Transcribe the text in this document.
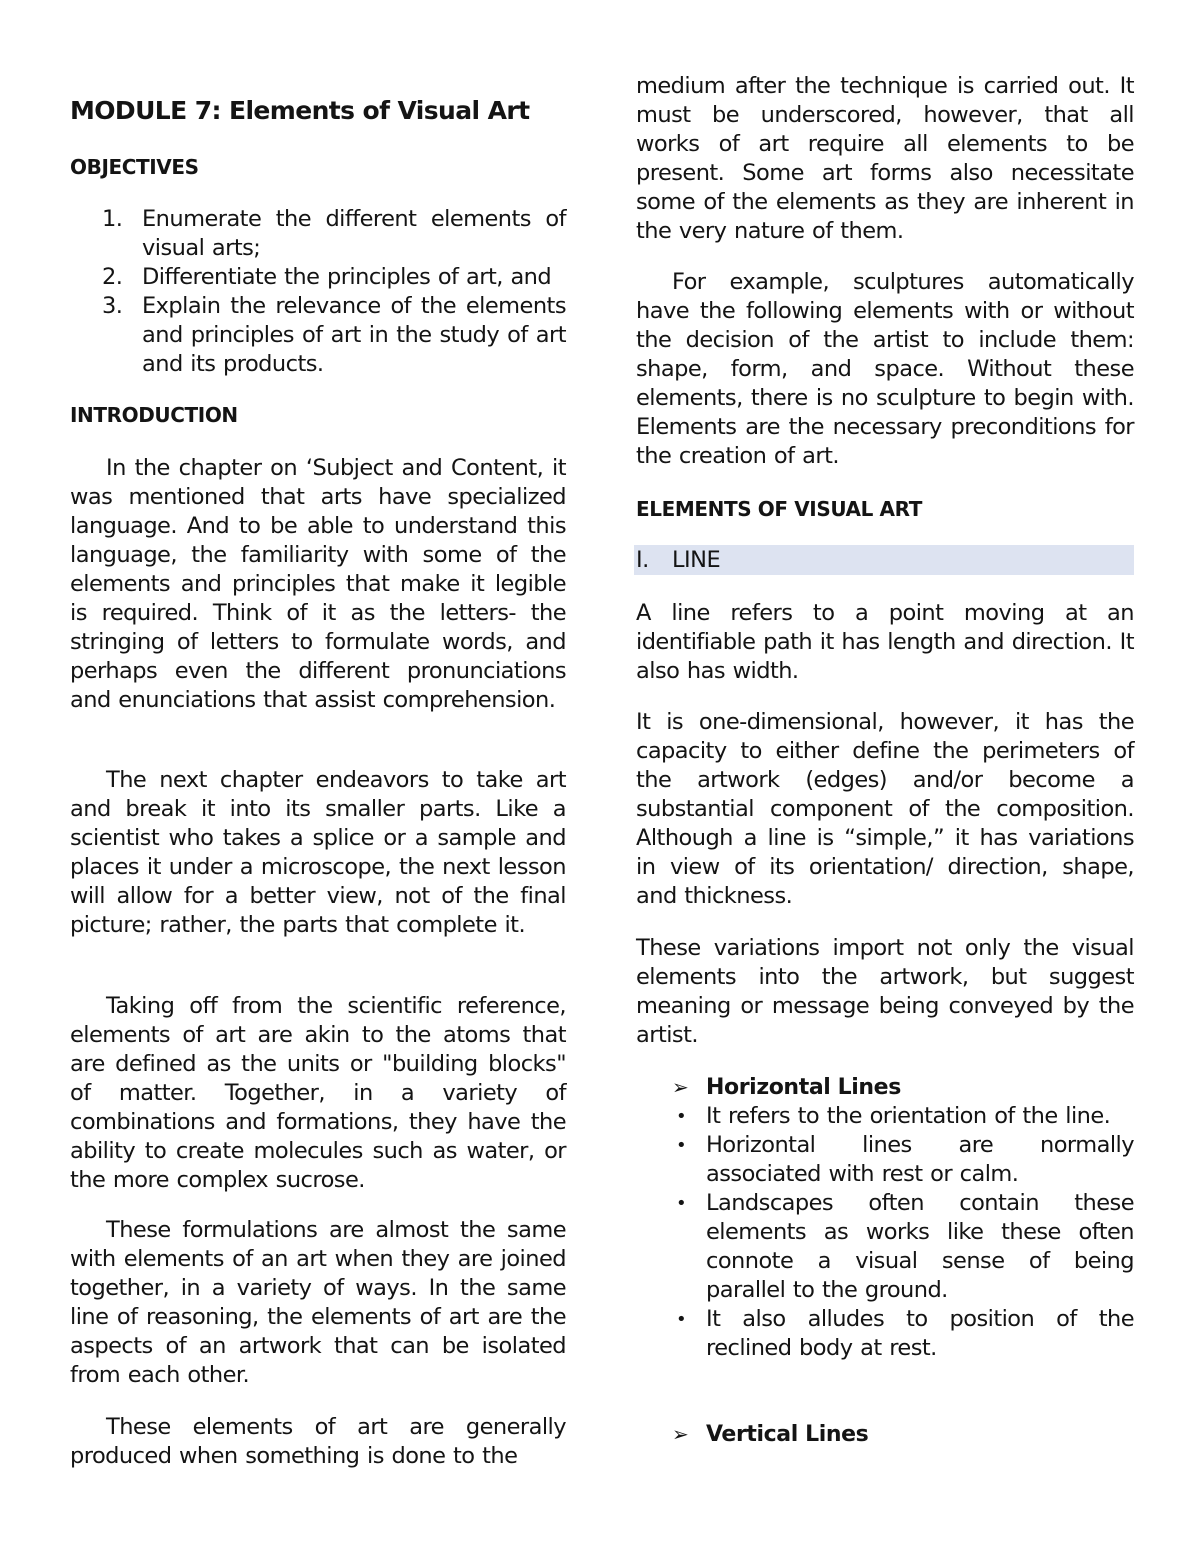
MODULE 7: Elements of Visual Art
OBJECTIVES
1. Enumerate the different elements of visual arts;
2. Differentiate the principles of art, and
3. Explain the relevance of the elements and principles of art in the study of art and its products.
INTRODUCTION

In the chapter on ‘Subject and Content, it was mentioned that arts have specialized language. And to be able to understand this language, the familiarity with some of the elements and principles that make it legible is required. Think of it as the letters- the stringing of letters to formulate words, and perhaps even the different pronunciations and enunciations that assist comprehension.

The next chapter endeavors to take art and break it into its smaller parts. Like a scientist who takes a splice or a sample and places it under a microscope, the next lesson will allow for a better view, not of the final picture; rather, the parts that complete it.

Taking off from the scientific reference, elements of art are akin to the atoms that are defined as the units or "building blocks" of matter. Together, in a variety of combinations and formations, they have the ability to create molecules such as water, or the more complex sucrose.

These formulations are almost the same with elements of an art when they are joined together, in a variety of ways. In the same line of reasoning, the elements of art are the aspects of an artwork that can be isolated from each other.

These elements of art are generally produced when something is done to the

medium after the technique is carried out. It must be underscored, however, that all works of art require all elements to be present. Some art forms also necessitate some of the elements as they are inherent in the very nature of them.

For example, sculptures automatically have the following elements with or without the decision of the artist to include them: shape, form, and space. Without these elements, there is no sculpture to begin with. Elements are the necessary preconditions for the creation of art.

ELEMENTS OF VISUAL ART
I. LINE

A line refers to a point moving at an identifiable path it has length and direction. It also has width.

It is one-dimensional, however, it has the capacity to either define the perimeters of the artwork (edges) and/or become a substantial component of the composition. Although a line is “simple,” it has variations in view of its orientation/ direction, shape, and thickness.

These variations import not only the visual elements into the artwork, but suggest meaning or message being conveyed by the artist.

➢ Horizontal Lines
• It refers to the orientation of the line.
• Horizontal lines are normally associated with rest or calm.
• Landscapes often contain these elements as works like these often connote a visual sense of being parallel to the ground.
• It also alludes to position of the reclined body at rest.
➢ Vertical Lines
